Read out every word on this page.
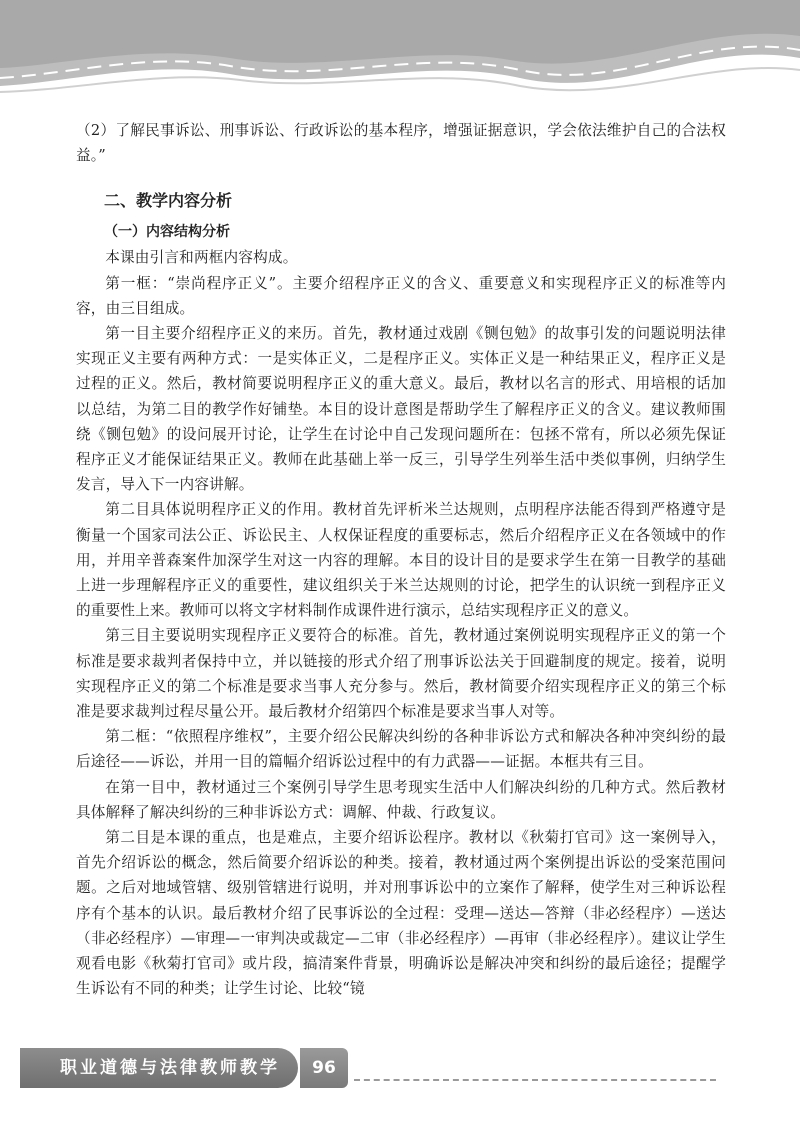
（2）了解民事诉讼、刑事诉讼、行政诉讼的基本程序，增强证据意识，学会依法维护自己的合法权益。”

二、教学内容分析
（一）内容结构分析

本课由引言和两框内容构成。

第一框：“崇尚程序正义”。主要介绍程序正义的含义、重要意义和实现程序正义的标准等内容，由三目组成。

第一目主要介绍程序正义的来历。首先，教材通过戏剧《铡包勉》的故事引发的问题说明法律实现正义主要有两种方式：一是实体正义，二是程序正义。实体正义是一种结果正义，程序正义是过程的正义。然后，教材简要说明程序正义的重大意义。最后，教材以名言的形式、用培根的话加以总结，为第二目的教学作好铺垫。本目的设计意图是帮助学生了解程序正义的含义。建议教师围绕《铡包勉》的设问展开讨论，让学生在讨论中自己发现问题所在：包拯不常有，所以必须先保证程序正义才能保证结果正义。教师在此基础上举一反三，引导学生列举生活中类似事例，归纳学生发言，导入下一内容讲解。

第二目具体说明程序正义的作用。教材首先评析米兰达规则，点明程序法能否得到严格遵守是衡量一个国家司法公正、诉讼民主、人权保证程度的重要标志，然后介绍程序正义在各领域中的作用，并用辛普森案件加深学生对这一内容的理解。本目的设计目的是要求学生在第一目教学的基础上进一步理解程序正义的重要性，建议组织关于米兰达规则的讨论，把学生的认识统一到程序正义的重要性上来。教师可以将文字材料制作成课件进行演示，总结实现程序正义的意义。

第三目主要说明实现程序正义要符合的标准。首先，教材通过案例说明实现程序正义的第一个标准是要求裁判者保持中立，并以链接的形式介绍了刑事诉讼法关于回避制度的规定。接着，说明实现程序正义的第二个标准是要求当事人充分参与。然后，教材简要介绍实现程序正义的第三个标准是要求裁判过程尽量公开。最后教材介绍第四个标准是要求当事人对等。

第二框：“依照程序维权”，主要介绍公民解决纠纷的各种非诉讼方式和解决各种冲突纠纷的最后途径——诉讼，并用一目的篇幅介绍诉讼过程中的有力武器——证据。本框共有三目。

在第一目中，教材通过三个案例引导学生思考现实生活中人们解决纠纷的几种方式。然后教材具体解释了解决纠纷的三种非诉讼方式：调解、仲裁、行政复议。

第二目是本课的重点，也是难点，主要介绍诉讼程序。教材以《秋菊打官司》这一案例导入，首先介绍诉讼的概念，然后简要介绍诉讼的种类。接着，教材通过两个案例提出诉讼的受案范围问题。之后对地域管辖、级别管辖进行说明，并对刑事诉讼中的立案作了解释，使学生对三种诉讼程序有个基本的认识。最后教材介绍了民事诉讼的全过程：受理—送达—答辩（非必经程序）—送达（非必经程序）—审理—一审判决或裁定—二审（非必经程序）—再审（非必经程序）。建议让学生观看电影《秋菊打官司》或片段，搞清案件背景，明确诉讼是解决冲突和纠纷的最后途径；提醒学生诉讼有不同的种类；让学生讨论、比较“镜

职业道德与法律教师教学用书
96
